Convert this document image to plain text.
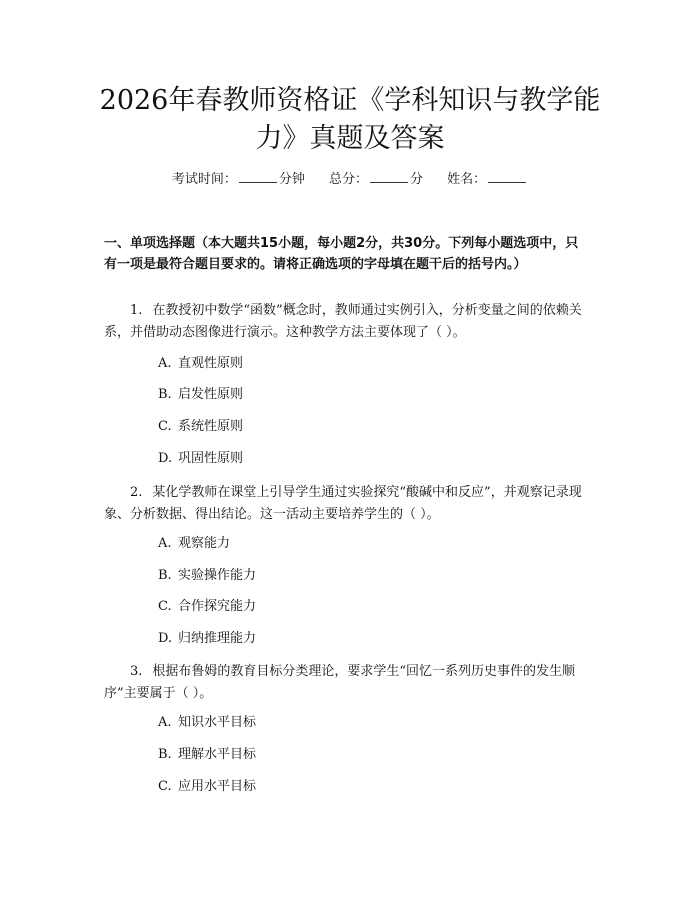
2026年春教师资格证《学科知识与教学能力》真题及答案
考试时间：	分钟 总分：	分 姓名：

一、单项选择题（本大题共15小题，每小题2分，共30分。下列每小题选项中，只有一项是最符合题目要求的。请将正确选项的字母填在题干后的括号内。）

1. 在教授初中数学“函数”概念时，教师通过实例引入，分析变量之间的依赖关系，并借助动态图像进行演示。这种教学方法主要体现了（ ）。

A. 直观性原则

B. 启发性原则

C. 系统性原则

D. 巩固性原则

2. 某化学教师在课堂上引导学生通过实验探究“酸碱中和反应”，并观察记录现象、分析数据、得出结论。这一活动主要培养学生的（ ）。

A. 观察能力

B. 实验操作能力

C. 合作探究能力

D. 归纳推理能力

3. 根据布鲁姆的教育目标分类理论，要求学生“回忆一系列历史事件的发生顺序”主要属于（ ）。

A. 知识水平目标

B. 理解水平目标

C. 应用水平目标
